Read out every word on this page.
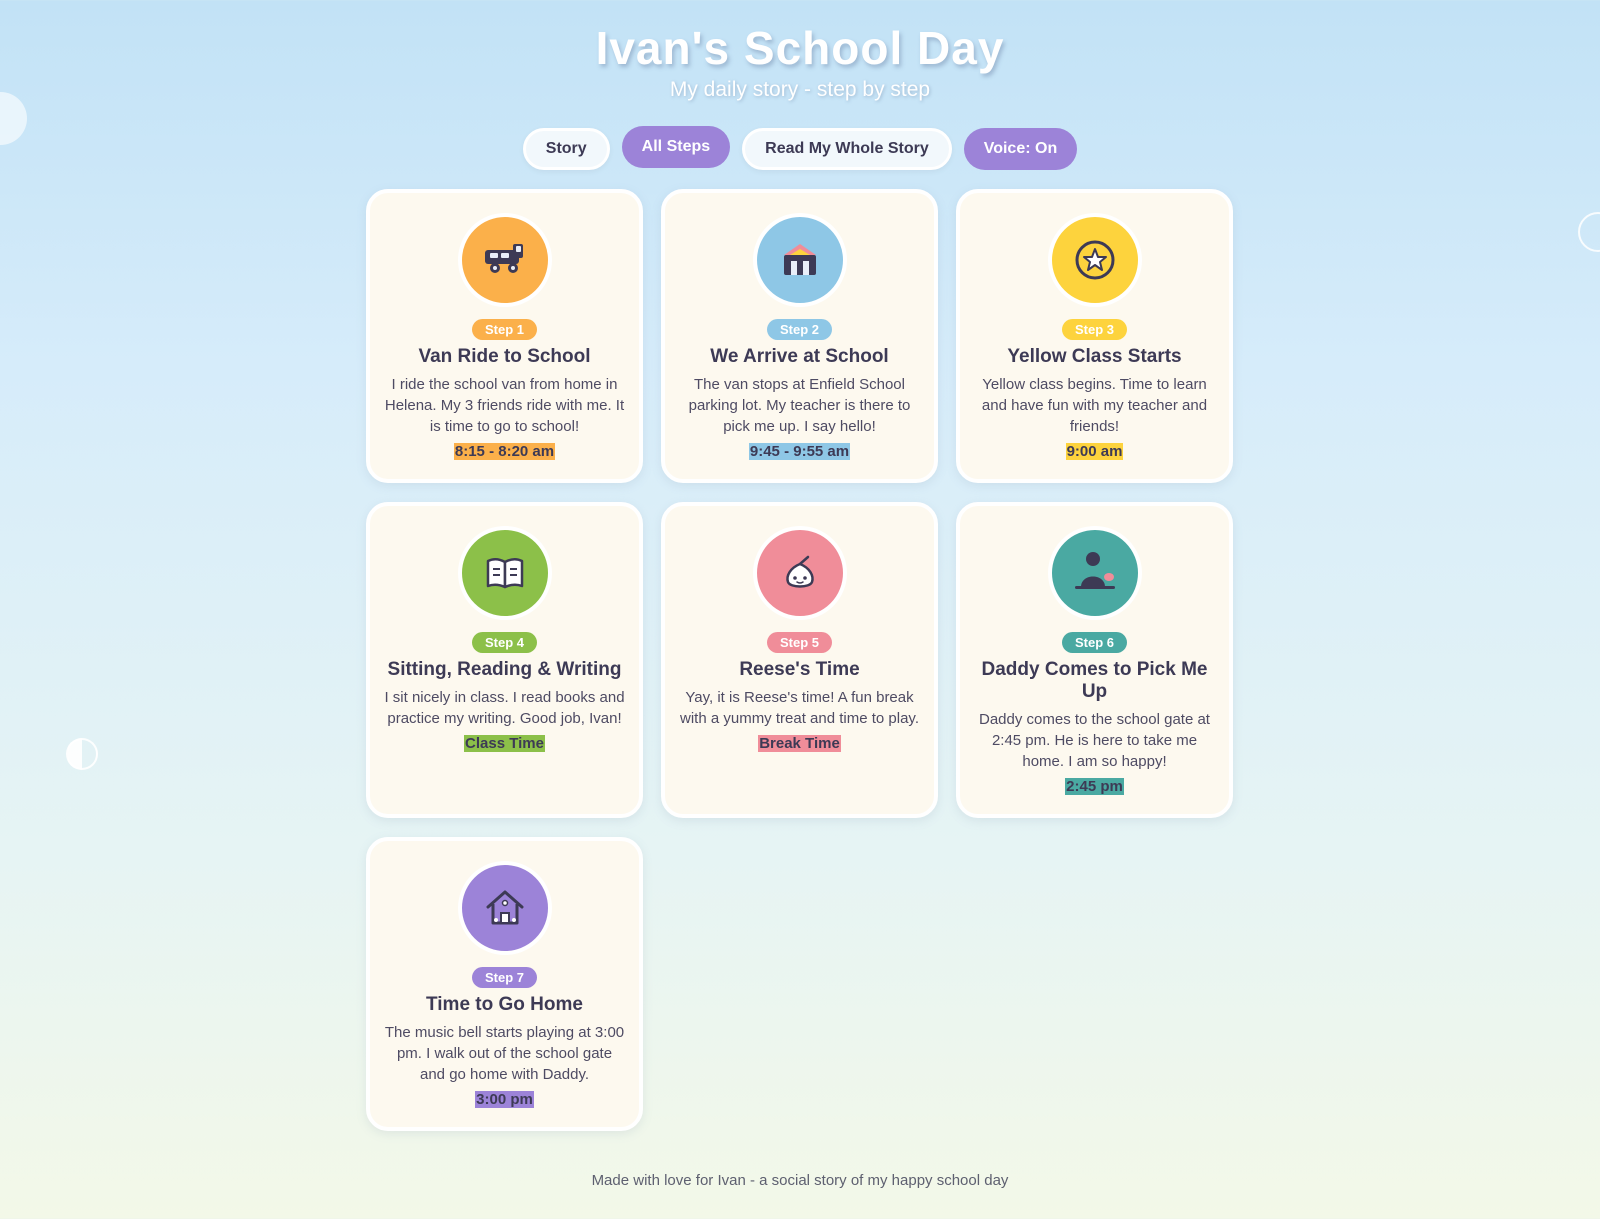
Ivan's School Day
My daily story - step by step
Story	All Steps	Read My Whole Story	Voice: On
Step 1
Van Ride to School

I ride the school van from home in Helena. My 3 friends ride with me. It is time to go to school!

8:15 - 8:20 am
Step 2
We Arrive at School

The van stops at Enfield School parking lot. My teacher is there to pick me up. I say hello!

9:45 - 9:55 am
Step 3
Yellow Class Starts

Yellow class begins. Time to learn and have fun with my teacher and friends!

9:00 am
Step 4
Sitting, Reading & Writing

I sit nicely in class. I read books and practice my writing. Good job, Ivan!

Class Time
Step 5
Reese's Time

Yay, it is Reese's time! A fun break with a yummy treat and time to play.

Break Time
Step 6
Daddy Comes to Pick Me Up

Daddy comes to the school gate at 2:45 pm. He is here to take me home. I am so happy!

2:45 pm
Step 7
Time to Go Home

The music bell starts playing at 3:00 pm. I walk out of the school gate and go home with Daddy.

3:00 pm
Made with love for Ivan - a social story of my happy school day
